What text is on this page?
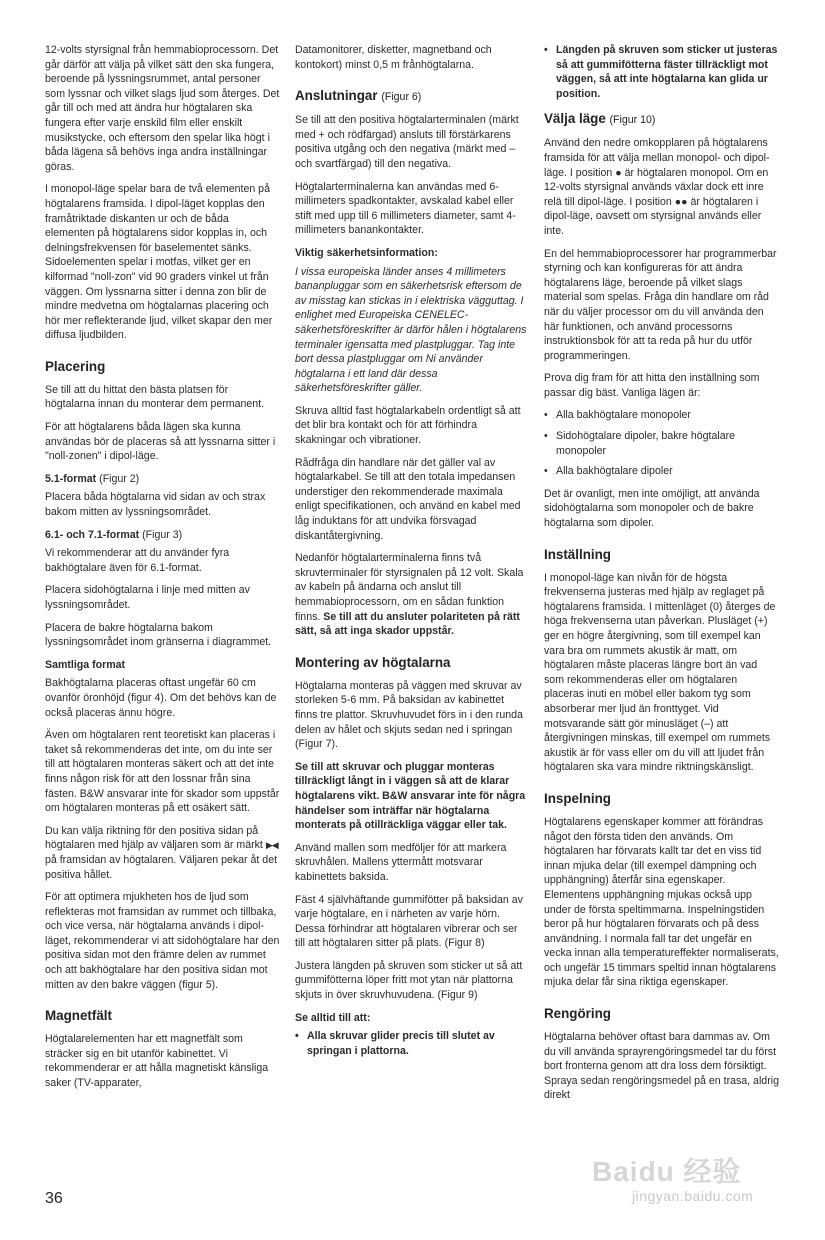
12-volts styrsignal från hemmabioprocessorn. Det går därför att välja på vilket sätt den ska fungera, beroende på lyssningsrummet, antal personer som lyssnar och vilket slags ljud som återges. Det går till och med att ändra hur högtalaren ska fungera efter varje enskild film eller enskilt musikstycke, och eftersom den spelar lika högt i båda lägena så behövs inga andra inställningar göras.

I monopol-läge spelar bara de två elementen på högtalarens framsida. I dipol-läget kopplas den framåtriktade diskanten ur och de båda elementen på högtalarens sidor kopplas in, och delningsfrekvensen för baselementet sänks. Sidoelementen spelar i motfas, vilket ger en kilformad "noll-zon" vid 90 graders vinkel ut från väggen. Om lyssnarna sitter i denna zon blir de mindre medvetna om högtalarnas placering och hör mer reflekterande ljud, vilket skapar den mer diffusa ljudbilden.

Placering

Se till att du hittat den bästa platsen för högtalarna innan du monterar dem permanent.

För att högtalarens båda lägen ska kunna användas bör de placeras så att lyssnarna sitter i "noll-zonen" i dipol-läge.

5.1-format (Figur 2)

Placera båda högtalarna vid sidan av och strax bakom mitten av lyssningsområdet.

6.1- och 7.1-format (Figur 3)

Vi rekommenderar att du använder fyra bakhögtalare även för 6.1-format.

Placera sidohögtalarna i linje med mitten av lyssningsområdet.

Placera de bakre högtalarna bakom lyssningsområdet inom gränserna i diagrammet.

Samtliga format

Bakhögtalarna placeras oftast ungefär 60 cm ovanför öronhöjd (figur 4). Om det behövs kan de också placeras ännu högre.

Även om högtalaren rent teoretiskt kan placeras i taket så rekommenderas det inte, om du inte ser till att högtalaren monteras säkert och att det inte finns någon risk för att den lossnar från sina fästen. B&W ansvarar inte för skador som uppstår om högtalaren monteras på ett osäkert sätt.

Du kan välja riktning för den positiva sidan på högtalaren med hjälp av väljaren som är märkt ▶◀ på framsidan av högtalaren. Väljaren pekar åt det positiva hållet.

För att optimera mjukheten hos de ljud som reflekteras mot framsidan av rummet och tillbaka, och vice versa, när högtalarna används i dipol-läget, rekommenderar vi att sidohögtalare har den positiva sidan mot den främre delen av rummet och att bakhögtalare har den positiva sidan mot mitten av den bakre väggen (figur 5).

Magnetfält

Högtalarelementen har ett magnetfält som sträcker sig en bit utanför kabinettet. Vi rekommenderar er att hålla magnetiskt känsliga saker (TV-apparater,

Datamonitorer, disketter, magnetband och kontokort) minst 0,5 m frånhögtalarna.

Anslutningar (Figur 6)

Se till att den positiva högtalarterminalen (märkt med + och rödfärgad) ansluts till förstärkarens positiva utgång och den negativa (märkt med – och svartfärgad) till den negativa.

Högtalarterminalerna kan användas med 6-millimeters spadkontakter, avskalad kabel eller stift med upp till 6 millimeters diameter, samt 4-millimeters banankontakter.

Viktig säkerhetsinformation:

I vissa europeiska länder anses 4 millimeters bananpluggar som en säkerhetsrisk eftersom de av misstag kan stickas in i elektriska vägguttag. I enlighet med Europeiska CENELEC-säkerhetsföreskrifter är därför hålen i högtalarens terminaler igensatta med plastpluggar. Tag inte bort dessa plastpluggar om Ni använder högtalarna i ett land där dessa säkerhetsföreskrifter gäller.

Skruva alltid fast högtalarkabeln ordentligt så att det blir bra kontakt och för att förhindra skakningar och vibrationer.

Rådfråga din handlare när det gäller val av högtalarkabel. Se till att den totala impedansen understiger den rekommenderade maximala enligt specifikationen, och använd en kabel med låg induktans för att undvika försvagad diskantåtergivning.

Nedanför högtalarterminalerna finns två skruvterminaler för styrsignalen på 12 volt. Skala av kabeln på ändarna och anslut till hemmabioprocessorn, om en sådan funktion finns. Se till att du ansluter polariteten på rätt sätt, så att inga skador uppstår.

Montering av högtalarna

Högtalarna monteras på väggen med skruvar av storleken 5-6 mm. På baksidan av kabinettet finns tre plattor. Skruvhuvudet förs in i den runda delen av hålet och skjuts sedan ned i springan (Figur 7).

Se till att skruvar och pluggar monteras tillräckligt långt in i väggen så att de klarar högtalarens vikt. B&W ansvarar inte för några händelser som inträffar när högtalarna monterats på otillräckliga väggar eller tak.

Använd mallen som medföljer för att markera skruvhålen. Mallens yttermått motsvarar kabinettets baksida.

Fäst 4 självhäftande gummifötter på baksidan av varje högtalare, en i närheten av varje hörn. Dessa förhindrar att högtalaren vibrerar och ser till att högtalaren sitter på plats. (Figur 8)

Justera längden på skruven som sticker ut så att gummifötterna löper fritt mot ytan när plattorna skjuts in över skruvhuvudena. (Figur 9)

Se alltid till att:
• Alla skruvar glider precis till slutet av springan i plattorna.
• Längden på skruven som sticker ut justeras så att gummifötterna fäster tillräckligt mot väggen, så att inte högtalarna kan glida ur position.
Välja läge (Figur 10)

Använd den nedre omkopplaren på högtalarens framsida för att välja mellan monopol- och dipol-läge. I position ● är högtalaren monopol. Om en 12-volts styrsignal används växlar dock ett inre relä till dipol-läge. I position ●● är högtalaren i dipol-läge, oavsett om styrsignal används eller inte.

En del hemmabioprocessorer har programmerbar styrning och kan konfigureras för att ändra högtalarens läge, beroende på vilket slags material som spelas. Fråga din handlare om råd när du väljer processor om du vill använda den här funktionen, och använd processorns instruktionsbok för att ta reda på hur du utför programmeringen.

Prova dig fram för att hitta den inställning som passar dig bäst. Vanliga lägen är:

• Alla bakhögtalare monopoler
• Sidohögtalare dipoler, bakre högtalare monopoler
• Alla bakhögtalare dipoler

Det är ovanligt, men inte omöjligt, att använda sidohögtalarna som monopoler och de bakre högtalarna som dipoler.

Inställning

I monopol-läge kan nivån för de högsta frekvenserna justeras med hjälp av reglaget på högtalarens framsida. I mittenläget (0) återges de höga frekvenserna utan påverkan. Plusläget (+) ger en högre återgivning, som till exempel kan vara bra om rummets akustik är matt, om högtalaren måste placeras längre bort än vad som rekommenderas eller om högtalaren placeras inuti en möbel eller bakom tyg som absorberar mer ljud än fronttyget. Vid motsvarande sätt gör minusläget (–) att återgivningen minskas, till exempel om rummets akustik är för vass eller om du vill att ljudet från högtalaren ska vara mindre riktningskänsligt.

Inspelning

Högtalarens egenskaper kommer att förändras något den första tiden den används. Om högtalaren har förvarats kallt tar det en viss tid innan mjuka delar (till exempel dämpning och upphängning) återfår sina egenskaper. Elementens upphängning mjukas också upp under de första speltimmarna. Inspelningstiden beror på hur högtalaren förvarats och på dess användning. I normala fall tar det ungefär en vecka innan alla temperatureffekter normaliserats, och ungefär 15 timmars speltid innan högtalarens mjuka delar får sina riktiga egenskaper.

Rengöring

Högtalarna behöver oftast bara dammas av. Om du vill använda sprayrengöringsmedel tar du först bort fronterna genom att dra loss dem försiktigt. Spraya sedan rengöringsmedel på en trasa, aldrig direkt

36
Baidu 经验
jingyan.baidu.com
